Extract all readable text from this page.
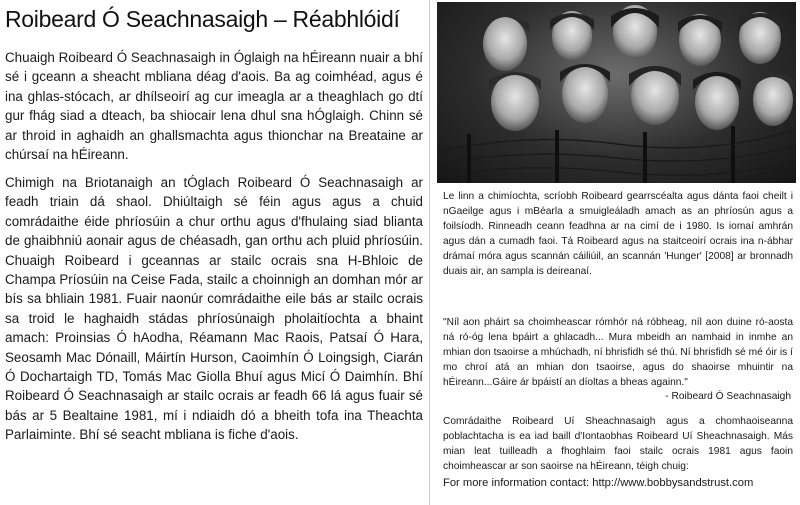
Roibeard Ó Seachnasaigh – Réabhlóidí

Chuaigh Roibeard Ó Seachnasaigh in Óglaigh na hÉireann nuair a bhí sé i gceann a sheacht mbliana déag d'aois. Ba ag coimhéad, agus é ina ghlas-stócach, ar dhílseoirí ag cur imeagla ar a theaghlach go dtí gur fhág siad a dteach, ba shiocair lena dhul sna hÓglaigh. Chinn sé ar throid in aghaidh an ghallsmachta agus thionchar na Breataine ar chúrsaí na hÉireann.

Chimigh na Briotanaigh an tÓglach Roibeard Ó Seachnasaigh ar feadh triain dá shaol. Dhiúltaigh sé féin agus agus a chuid comrádaithe éide phríosúin a chur orthu agus d'fhulaing siad blianta de ghaibhniú aonair agus de chéasadh, gan orthu ach pluid phríosúin. Chuaigh Roibeard i gceannas ar stailc ocrais sna H-Bhloic de Champa Príosúin na Ceise Fada, stailc a choinnigh an domhan mór ar bís sa bhliain 1981. Fuair naonúr comrádaithe eile bás ar stailc ocrais sa troid le haghaidh stádas phríosúnaigh pholaitíochta a bhaint amach: Proinsias Ó hAodha, Réamann Mac Raois, Patsaí Ó Hara, Seosamh Mac Dónaill, Máirtín Hurson, Caoimhín Ó Loingsigh, Ciarán Ó Dochartaigh TD, Tomás Mac Giolla Bhuí agus Micí Ó Daimhín. Bhí Roibeard Ó Seachnasaigh ar stailc ocrais ar feadh 66 lá agus fuair sé bás ar 5 Bealtaine 1981, mí i ndiaidh dó a bheith tofa ina Theachta Parlaiminte. Bhí sé seacht mbliana is fiche d'aois.

Le linn a chimíochta, scríobh Roibeard gearrscéalta agus dánta faoi cheilt i nGaeilge agus i mBéarla a smuigleáladh amach as an phríosún agus a foilsíodh. Rinneadh ceann feadhna ar na cimí de i 1980. Is iomaí amhrán agus dán a cumadh faoi. Tá Roibeard agus na staitceoirí ocrais ina n-ábhar drámaí móra agus scannán cáiliúil, an scannán 'Hunger' [2008] ar bronnadh duais air, an sampla is deireanaí.

"Níl aon pháirt sa choimheascar rómhór ná róbheag, níl aon duine ró-aosta ná ró-óg lena bpáirt a ghlacadh... Mura mbeidh an namhaid in inmhe an mhian don tsaoirse a mhúchadh, ní bhrisfidh sé thú. Ní bhrisfidh sé mé óir is í mo chroí atá an mhian don tsaoirse, agus do shaoirse mhuintir na hÉireann...Gáire ár bpáistí an díoltas a bheas againn."

- Roibeard Ó Seachnasaigh

Comrádaithe Roibeard Uí Sheachnasaigh agus a chomhaoiseanna poblachtacha is ea iad baill d'Iontaobhas Roibeard Uí Sheachnasaigh. Más mian leat tuilleadh a fhoghlaim faoi stailc ocrais 1981 agus faoin choimheascar ar son saoirse na hÉireann, téigh chuig:

For more information contact: http://www.bobbysandstrust.com
